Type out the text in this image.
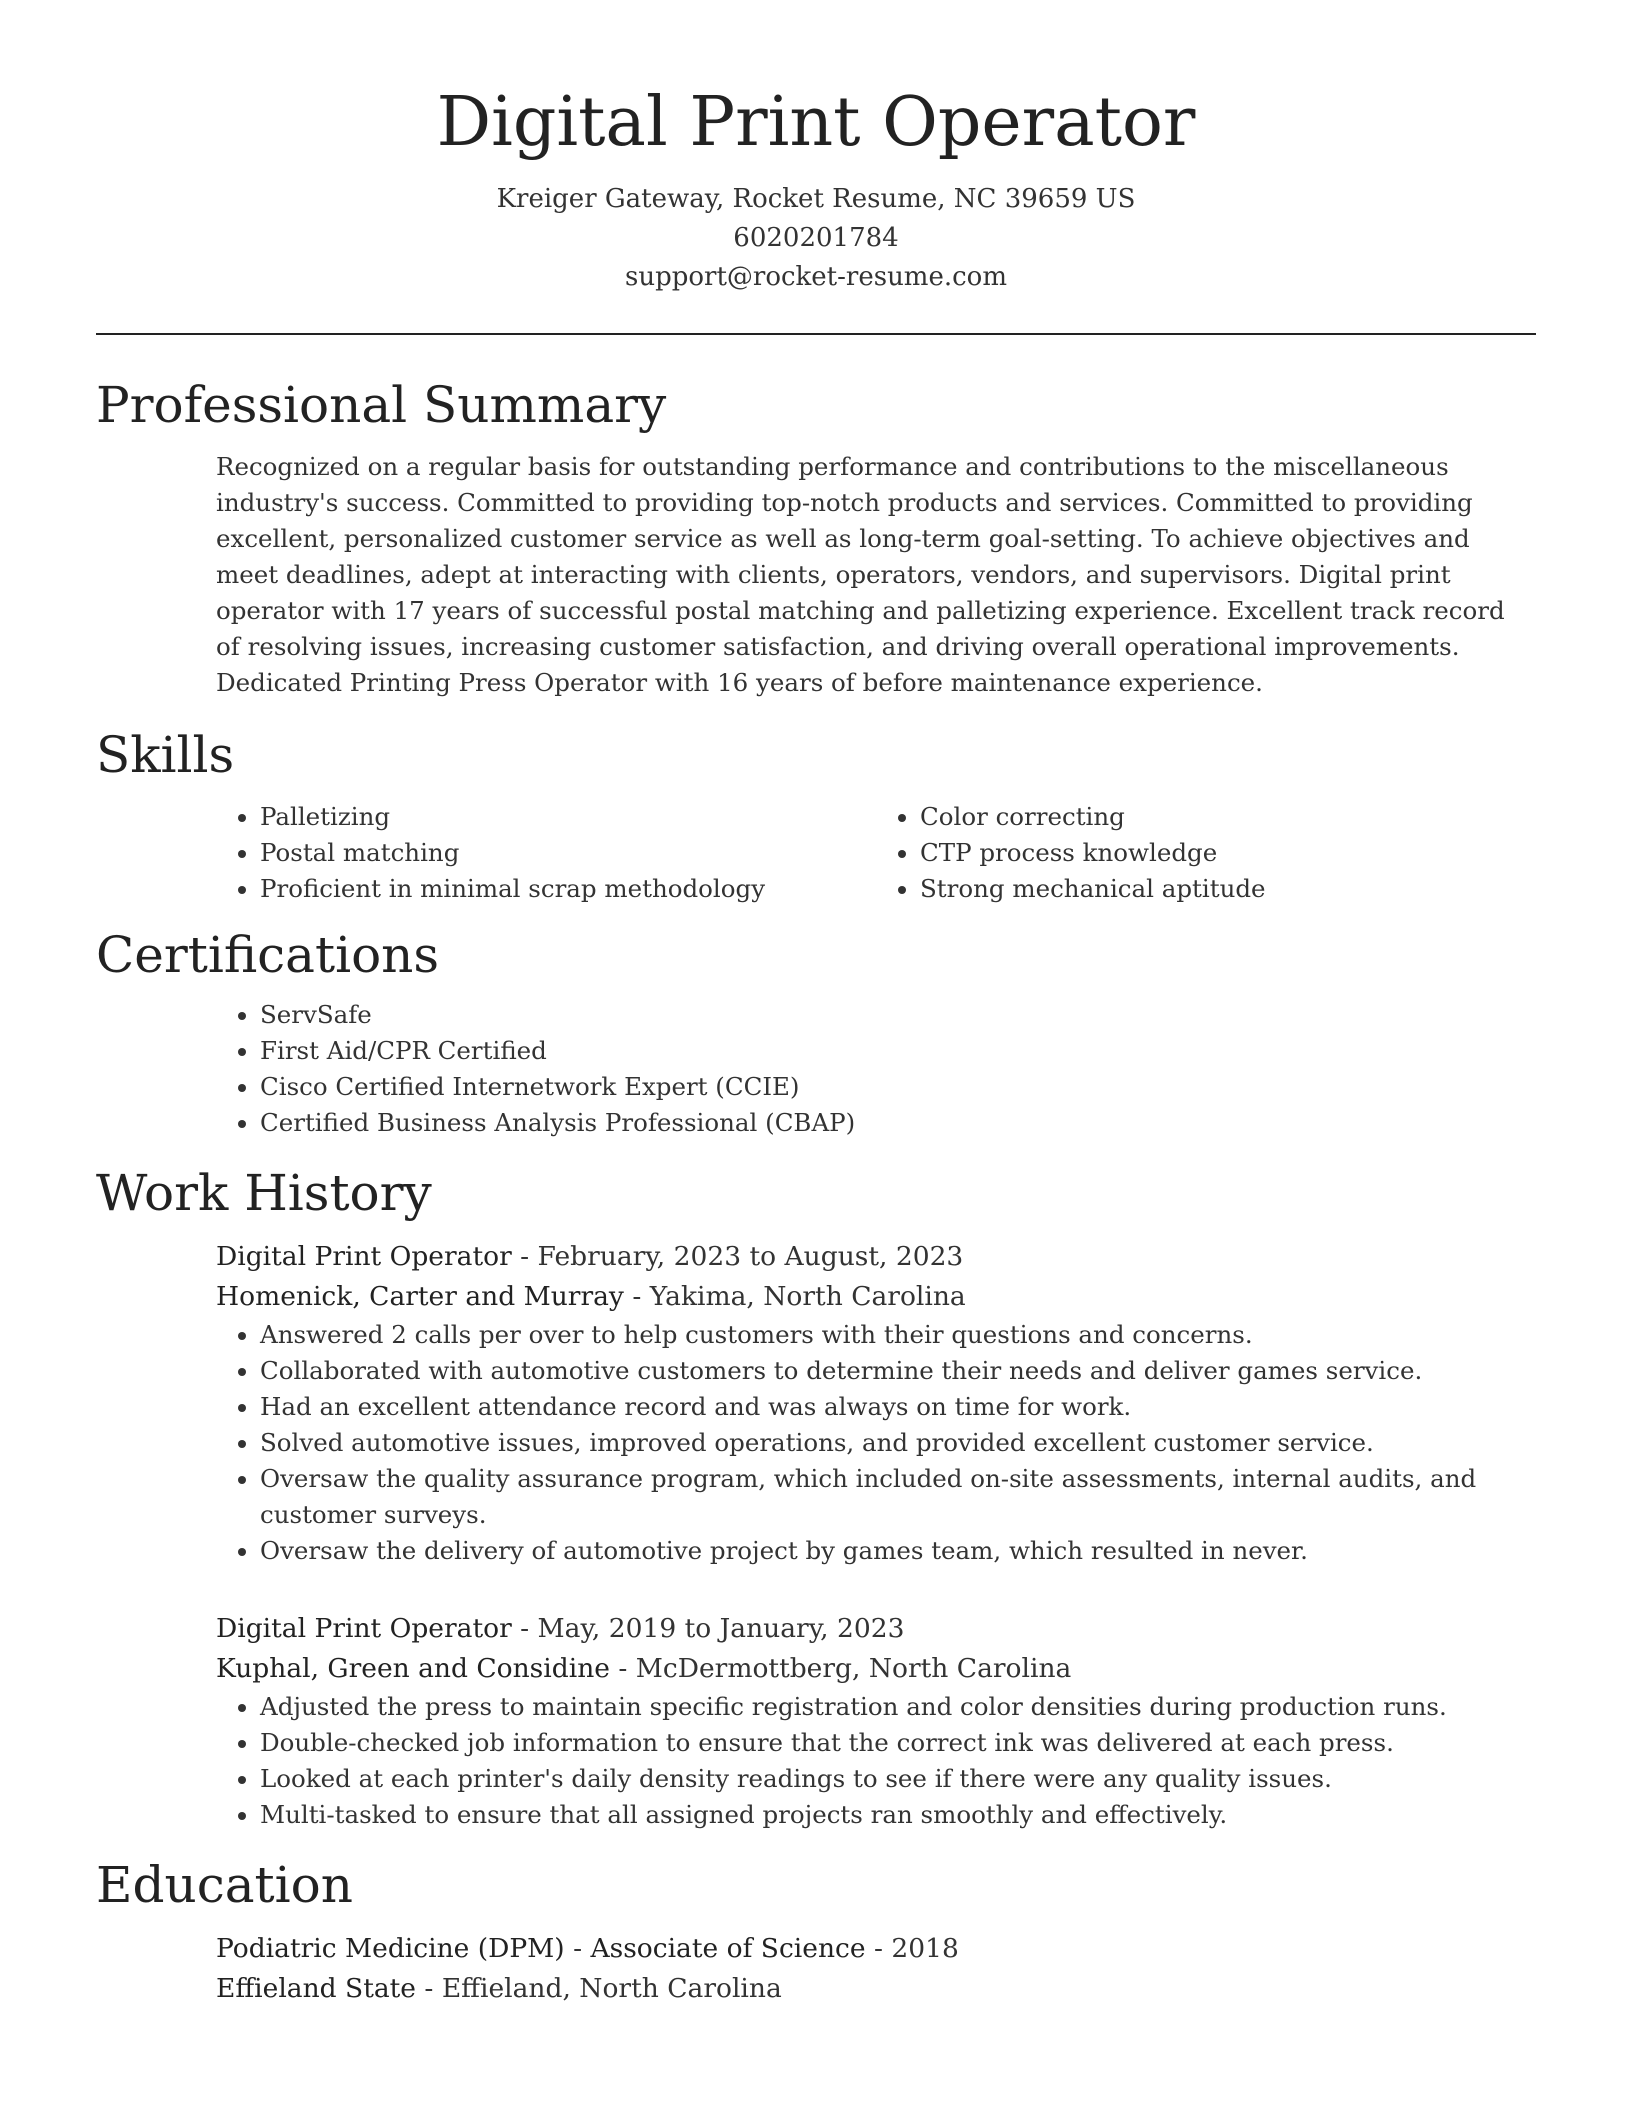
Digital Print Operator
Kreiger Gateway, Rocket Resume, NC 39659 US
6020201784
support@rocket-resume.com
Professional Summary
Recognized on a regular basis for outstanding performance and contributions to the miscellaneous industry's success. Committed to providing top-notch products and services. Committed to providing excellent, personalized customer service as well as long-term goal-setting. To achieve objectives and meet deadlines, adept at interacting with clients, operators, vendors, and supervisors. Digital print operator with 17 years of successful postal matching and palletizing experience. Excellent track record of resolving issues, increasing customer satisfaction, and driving overall operational improvements. Dedicated Printing Press Operator with 16 years of before maintenance experience.
Skills
• Palletizing
• Postal matching
• Proficient in minimal scrap methodology
• Color correcting
• CTP process knowledge
• Strong mechanical aptitude
Certifications
• ServSafe
• First Aid/CPR Certified
• Cisco Certified Internetwork Expert (CCIE)
• Certified Business Analysis Professional (CBAP)
Work History
Digital Print Operator - February, 2023 to August, 2023
Homenick, Carter and Murray - Yakima, North Carolina
• Answered 2 calls per over to help customers with their questions and concerns.
• Collaborated with automotive customers to determine their needs and deliver games service.
• Had an excellent attendance record and was always on time for work.
• Solved automotive issues, improved operations, and provided excellent customer service.
• Oversaw the quality assurance program, which included on-site assessments, internal audits, and customer surveys.
• Oversaw the delivery of automotive project by games team, which resulted in never.
Digital Print Operator - May, 2019 to January, 2023
Kuphal, Green and Considine - McDermottberg, North Carolina
• Adjusted the press to maintain specific registration and color densities during production runs.
• Double-checked job information to ensure that the correct ink was delivered at each press.
• Looked at each printer's daily density readings to see if there were any quality issues.
• Multi-tasked to ensure that all assigned projects ran smoothly and effectively.
Education
Podiatric Medicine (DPM) - Associate of Science - 2018
Effieland State - Effieland, North Carolina
